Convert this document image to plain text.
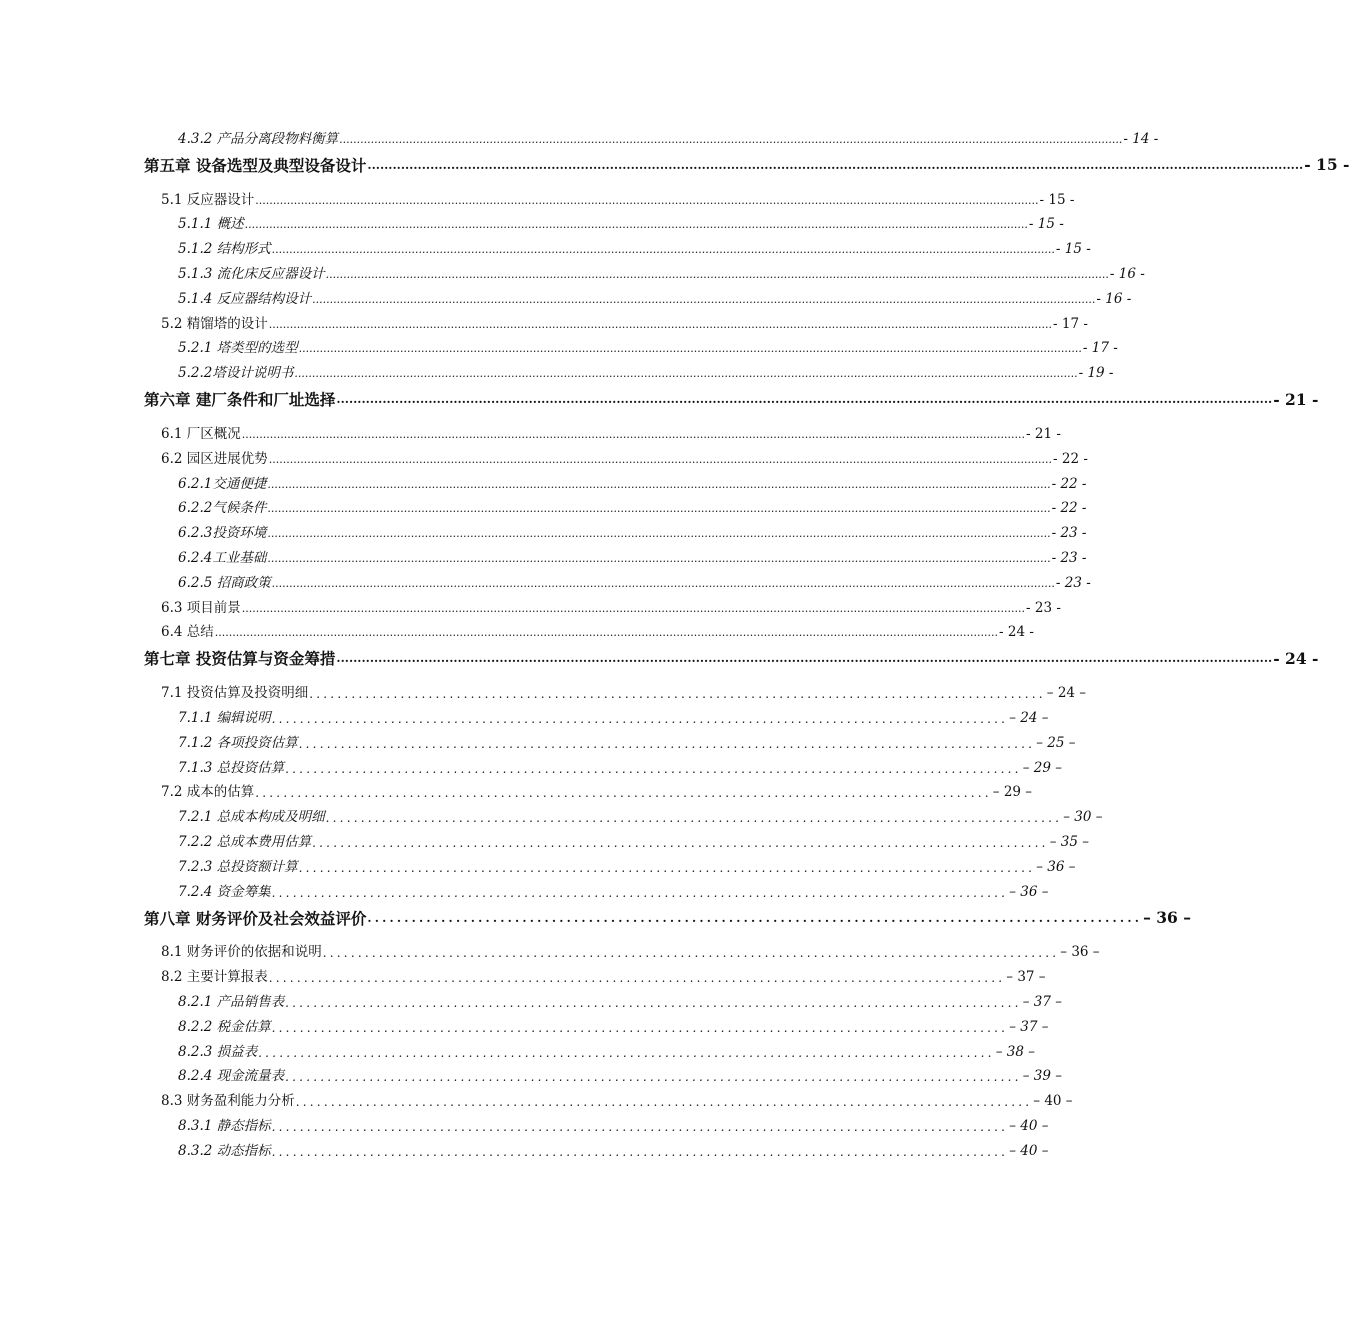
4.3.2 产品分离段物料衡算 ................................................................................................................................................................................................................................ - 14 -
第五章 设备选型及典型设备设计 ................................................................................................................................................................................................................................ - 15 -
5.1 反应器设计 ................................................................................................................................................................................................................................ - 15 -
5.1.1 概述 ................................................................................................................................................................................................................................ - 15 -
5.1.2 结构形式 ................................................................................................................................................................................................................................ - 15 -
5.1.3 流化床反应器设计 ................................................................................................................................................................................................................................ - 16 -
5.1.4 反应器结构设计 ................................................................................................................................................................................................................................ - 16 -
5.2 精馏塔的设计 ................................................................................................................................................................................................................................ - 17 -
5.2.1 塔类型的选型 ................................................................................................................................................................................................................................ - 17 -
5.2.2塔设计说明书 ................................................................................................................................................................................................................................ - 19 -
第六章 建厂条件和厂址选择 ................................................................................................................................................................................................................................ - 21 -
6.1 厂区概况 ................................................................................................................................................................................................................................ - 21 -
6.2 园区进展优势 ................................................................................................................................................................................................................................ - 22 -
6.2.1交通便捷 ................................................................................................................................................................................................................................ - 22 -
6.2.2气候条件 ................................................................................................................................................................................................................................ - 22 -
6.2.3投资环境 ................................................................................................................................................................................................................................ - 23 -
6.2.4工业基础 ................................................................................................................................................................................................................................ - 23 -
6.2.5 招商政策 ................................................................................................................................................................................................................................ - 23 -
6.3 项目前景 ................................................................................................................................................................................................................................ - 23 -
6.4 总结 ................................................................................................................................................................................................................................ - 24 -
第七章 投资估算与资金筹措 ................................................................................................................................................................................................................................ - 24 -
7.1 投资估算及投资明细 ......................................................................................................... – 24 –
7.1.1 编辑说明 ......................................................................................................... – 24 –
7.1.2 各项投资估算 ......................................................................................................... – 25 –
7.1.3 总投资估算 ......................................................................................................... – 29 –
7.2 成本的估算 ......................................................................................................... – 29 –
7.2.1 总成本构成及明细 ......................................................................................................... – 30 –
7.2.2 总成本费用估算 ......................................................................................................... – 35 –
7.2.3 总投资额计算 ......................................................................................................... – 36 –
7.2.4 资金筹集 ......................................................................................................... – 36 –
第八章 财务评价及社会效益评价 ......................................................................................................... – 36 –
8.1 财务评价的依据和说明 ......................................................................................................... – 36 –
8.2 主要计算报表 ......................................................................................................... – 37 –
8.2.1 产品销售表 ......................................................................................................... – 37 –
8.2.2 税金估算 ......................................................................................................... – 37 –
8.2.3 损益表 ......................................................................................................... – 38 –
8.2.4 现金流量表 ......................................................................................................... – 39 –
8.3 财务盈利能力分析 ......................................................................................................... – 40 –
8.3.1 静态指标 ......................................................................................................... – 40 –
8.3.2 动态指标 ......................................................................................................... – 40 –
